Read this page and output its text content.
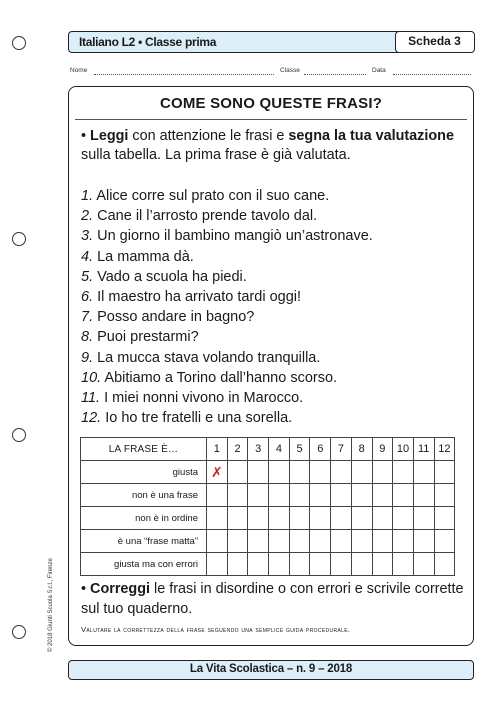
Italiano L2 • Classe prima	Scheda 3
Nome	Classe	Data
© 2018 Giunti Scuola S.r.l., Firenze
COME SONO QUESTE FRASI?
• Leggi con attenzione le frasi e segna la tua valutazione sulla tabella. La prima frase è già valutata.
1. Alice corre sul prato con il suo cane.
2. Cane il l’arrosto prende tavolo dal.
3. Un giorno il bambino mangiò un’astronave.
4. La mamma dà.
5. Vado a scuola ha piedi.
6. Il maestro ha arrivato tardi oggi!
7. Posso andare in bagno?
8. Puoi prestarmi?
9. La mucca stava volando tranquilla.
10. Abitiamo a Torino dall’hanno scorso.
11. I miei nonni vivono in Marocco.
12. Io ho tre fratelli e una sorella.
LA FRASE È…	1	2	3	4	5	6	7	8	9	10	11	12
giusta	✗											
non è una frase												
non è in ordine												
è una “frase matta”												
giusta ma con errori												
• Correggi le frasi in disordine o con errori e scrivile corrette sul tuo quaderno.
Valutare la correttezza della frase seguendo una semplice guida procedurale.
La Vita Scolastica – n. 9 – 2018
